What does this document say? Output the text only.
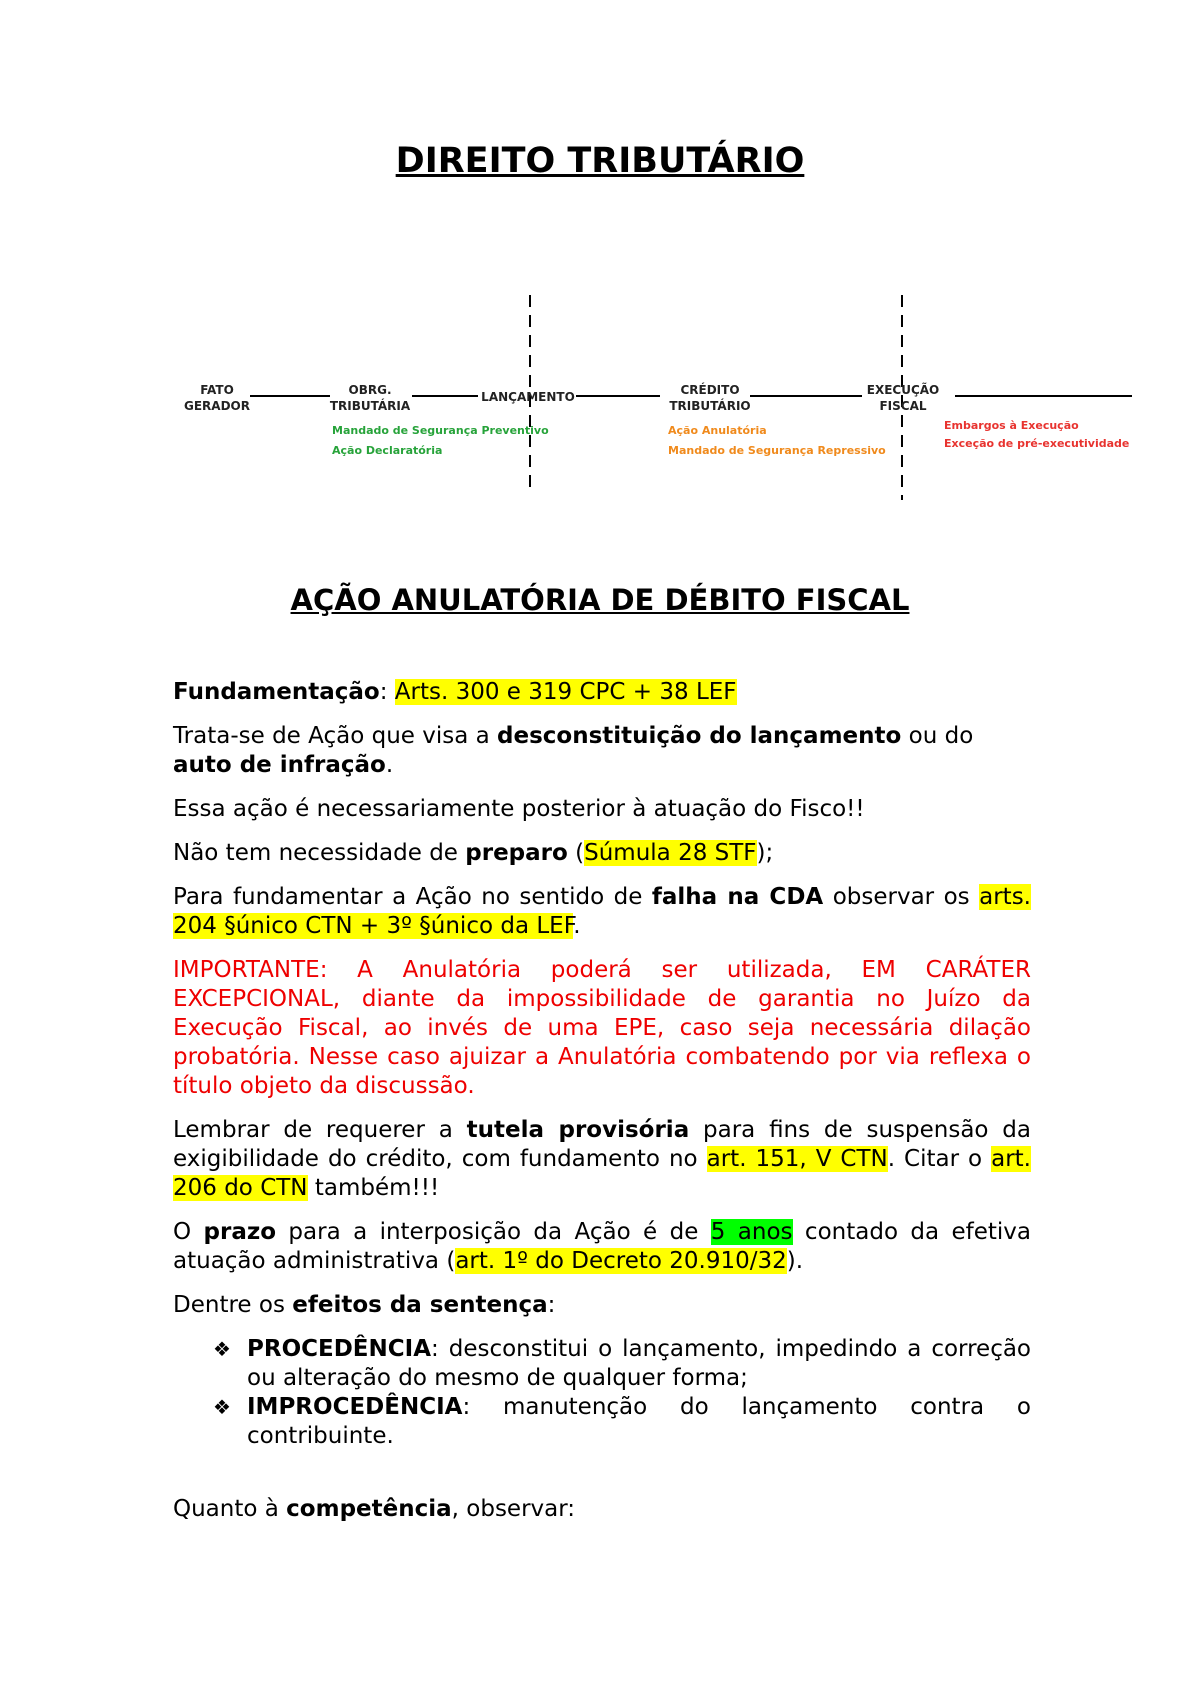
DIREITO TRIBUTÁRIO
FATO
GERADOR
OBRG.
TRIBUTÁRIA
LANÇAMENTO	CRÉDITO
TRIBUTÁRIO
EXECUÇÃO
FISCAL
Mandado de Segurança Preventivo
Ação Declaratória
Ação Anulatória
Mandado de Segurança Repressivo
Embargos à Execução
Exceção de pré-executividade
AÇÃO ANULATÓRIA DE DÉBITO FISCAL

Fundamentação: Arts. 300 e 319 CPC + 38 LEF

Trata-se de Ação que visa a desconstituição do lançamento ou do auto de infração.

Essa ação é necessariamente posterior à atuação do Fisco!!

Não tem necessidade de preparo (Súmula 28 STF);

Para fundamentar a Ação no sentido de falha na CDA observar os arts. 204 §único CTN + 3º §único da LEF.

IMPORTANTE: A Anulatória poderá ser utilizada, EM CARÁTER EXCEPCIONAL, diante da impossibilidade de garantia no Juízo da Execução Fiscal, ao invés de uma EPE, caso seja necessária dilação probatória. Nesse caso ajuizar a Anulatória combatendo por via reflexa o título objeto da discussão.

Lembrar de requerer a tutela provisória para fins de suspensão da exigibilidade do crédito, com fundamento no art. 151, V CTN. Citar o art. 206 do CTN também!!!

O prazo para a interposição da Ação é de 5 anos contado da efetiva atuação administrativa (art. 1º do Decreto 20.910/32).

Dentre os efeitos da sentença:

❖ PROCEDÊNCIA: desconstitui o lançamento, impedindo a correção ou alteração do mesmo de qualquer forma;
❖ IMPROCEDÊNCIA: manutenção do lançamento contra o contribuinte.

Quanto à competência, observar:
